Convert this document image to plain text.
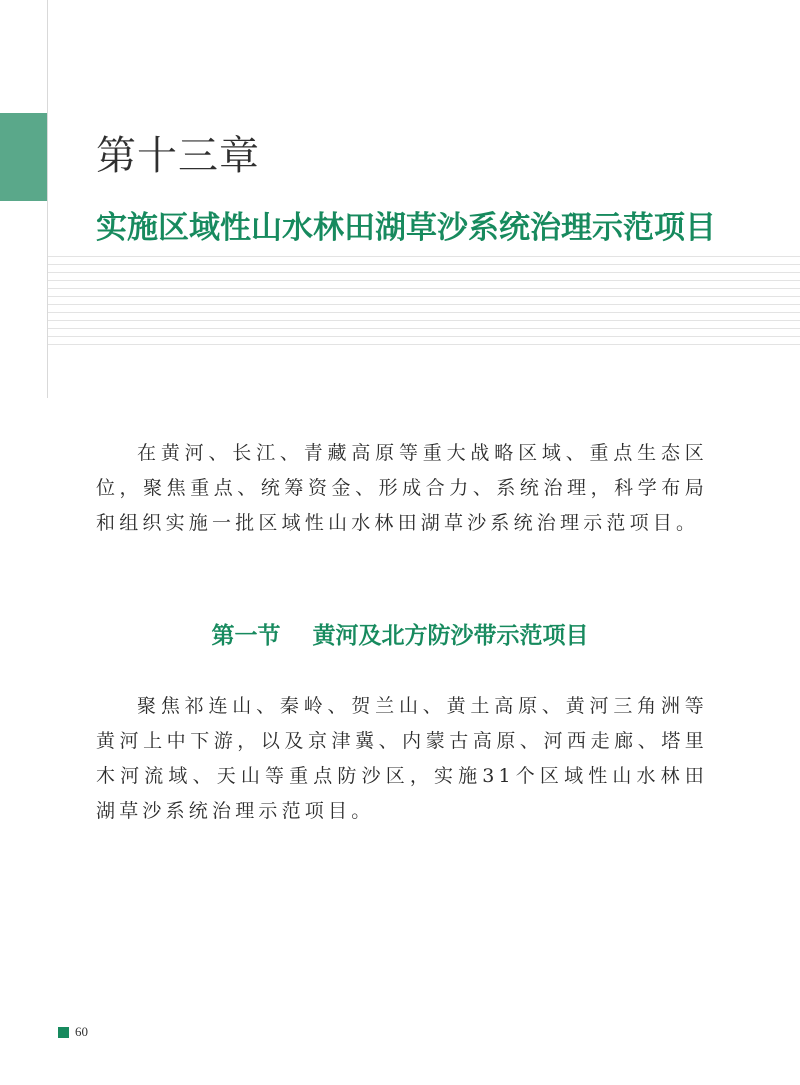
第十三章
实施区域性山水林田湖草沙系统治理示范项目

在黄河、长江、青藏高原等重大战略区域、重点生态区位，聚焦重点、统筹资金、形成合力、系统治理，科学布局和组织实施一批区域性山水林田湖草沙系统治理示范项目。

第一节 黄河及北方防沙带示范项目

聚焦祁连山、秦岭、贺兰山、黄土高原、黄河三角洲等黄河上中下游，以及京津冀、内蒙古高原、河西走廊、塔里木河流域、天山等重点防沙区，实施31个区域性山水林田湖草沙系统治理示范项目。

60
